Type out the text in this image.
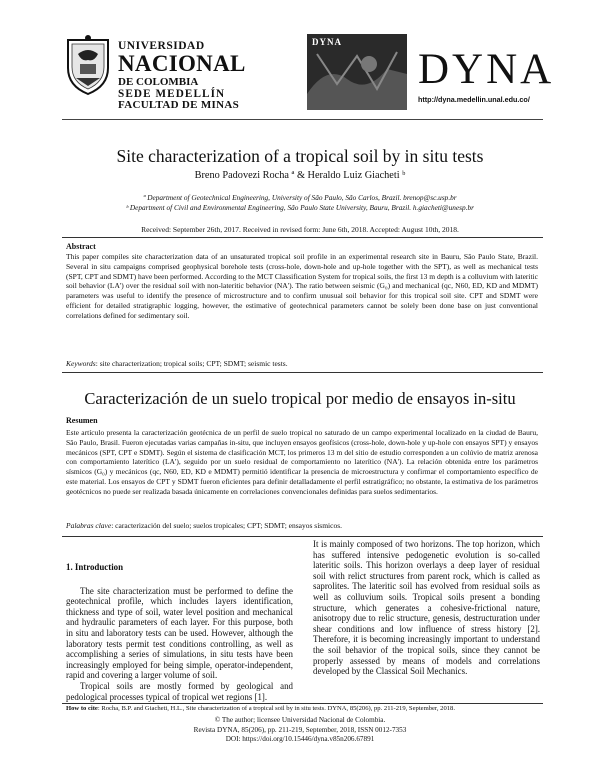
UNIVERSIDAD
NACIONAL
DE COLOMBIA
SEDE MEDELLÍN
FACULTAD DE MINAS
DYNA
DYNA
http://dyna.medellin.unal.edu.co/
Site characterization of a tropical soil by in situ tests
Breno Padovezi Rocha ª & Heraldo Luiz Giacheti ᵇ
ª Department of Geotechnical Engineering, University of São Paulo, São Carlos, Brazil. brenop@sc.usp.br
ᵇ Department of Civil and Environmental Engineering, São Paulo State University, Bauru, Brazil. h.giacheti@unesp.br
Received: September 26th, 2017. Received in revised form: June 6th, 2018. Accepted: August 10th, 2018.
Abstract
This paper compiles site characterization data of an unsaturated tropical soil profile in an experimental research site in Bauru, São Paulo State, Brazil. Several in situ campaigns comprised geophysical borehole tests (cross-hole, down-hole and up-hole together with the SPT), as well as mechanical tests (SPT, CPT and SDMT) have been performed. According to the MCT Classification System for tropical soils, the first 13 m depth is a colluvium with lateritic soil behavior (LA') over the residual soil with non-lateritic behavior (NA'). The ratio between seismic (G₀) and mechanical (qc, N60, ED, KD and MDMT) parameters was useful to identify the presence of microstructure and to confirm unusual soil behavior for this tropical soil site. CPT and SDMT were efficient for detailed stratigraphic logging, however, the estimative of geotechnical parameters cannot be solely been done base on just conventional correlations defined for sedimentary soil.
Keywords: site characterization; tropical soils; CPT; SDMT; seismic tests.
Caracterización de un suelo tropical por medio de ensayos in-situ
Resumen
Este artículo presenta la caracterización geotécnica de un perfil de suelo tropical no saturado de un campo experimental localizado en la ciudad de Bauru, São Paulo, Brasil. Fueron ejecutadas varias campañas in-situ, que incluyen ensayos geofísicos (cross-hole, down-hole y up-hole con ensayos SPT) y ensayos mecánicos (SPT, CPT e SDMT). Según el sistema de clasificación MCT, los primeros 13 m del sitio de estudio corresponden a un colúvio de matriz arenosa con comportamiento laterítico (LA'), seguido por un suelo residual de comportamiento no laterítico (NA'). La relación obtenida entre los parámetros sísmicos (G₀) y mecánicos (qc, N60, ED, KD e MDMT) permitió identificar la presencia de microestructura y confirmar el comportamiento específico de este material. Los ensayos de CPT y SDMT fueron eficientes para definir detalladamente el perfil estratigráfico; no obstante, la estimativa de los parámetros geotécnicos no puede ser realizada basada únicamente en correlaciones convencionales definidas para suelos sedimentarios.
Palabras clave: caracterización del suelo; suelos tropicales; CPT; SDMT; ensayos sísmicos.
1. Introduction

The site characterization must be performed to define the geotechnical profile, which includes layers identification, thickness and type of soil, water level position and mechanical and hydraulic parameters of each layer. For this purpose, both in situ and laboratory tests can be used. However, although the laboratory tests permit test conditions controlling, as well as accomplishing a series of simulations, in situ tests have been increasingly employed for being simple, operator-independent, rapid and covering a larger volume of soil.

Tropical soils are mostly formed by geological and pedological processes typical of tropical wet regions [1].

It is mainly composed of two horizons. The top horizon, which has suffered intensive pedogenetic evolution is so-called lateritic soils. This horizon overlays a deep layer of residual soil with relict structures from parent rock, which is called as saprolites. The lateritic soil has evolved from residual soils as well as colluvium soils. Tropical soils present a bonding structure, which generates a cohesive-frictional nature, anisotropy due to relic structure, genesis, destructuration under shear conditions and low influence of stress history [2]. Therefore, it is becoming increasingly important to understand the soil behavior of the tropical soils, since they cannot be properly assessed by means of models and correlations developed by the Classical Soil Mechanics.

How to cite: Rocha, B.P. and Giacheti, H.L., Site characterization of a tropical soil by in situ tests. DYNA, 85(206), pp. 211-219, September, 2018.
© The author; licensee Universidad Nacional de Colombia.
Revista DYNA, 85(206), pp. 211-219, September, 2018, ISSN 0012-7353
DOI: https://doi.org/10.15446/dyna.v85n206.67891
